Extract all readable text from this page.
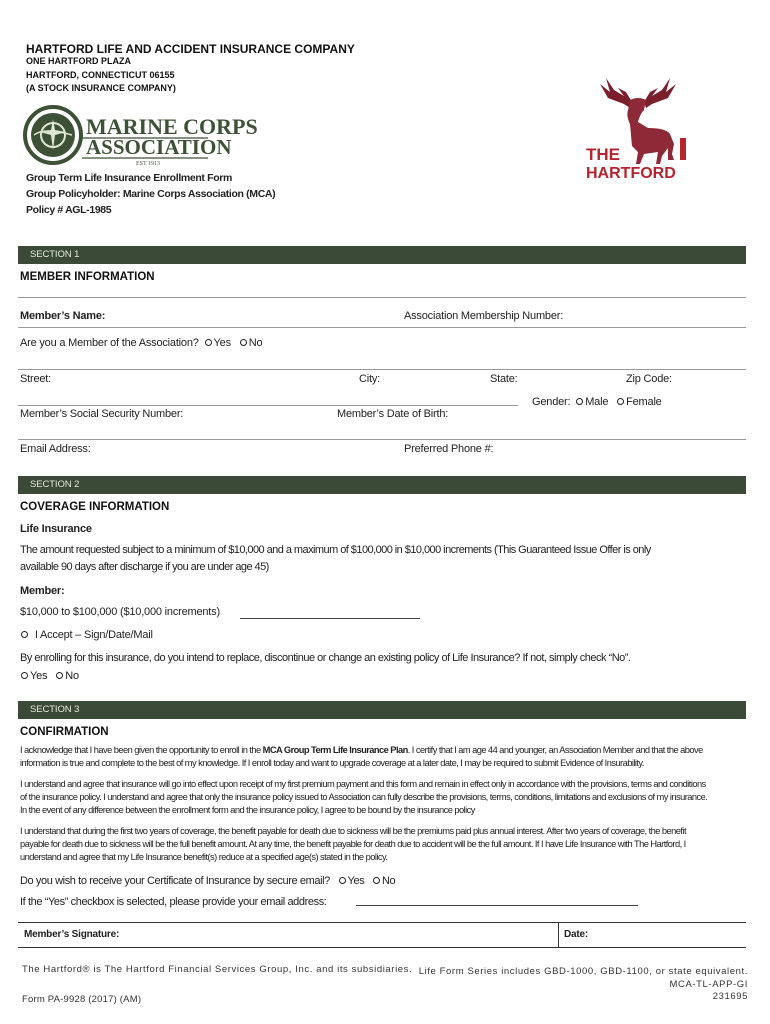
HARTFORD LIFE AND ACCIDENT INSURANCE COMPANY
ONE HARTFORD PLAZA
HARTFORD, CONNECTICUT 06155
(A STOCK INSURANCE COMPANY)
MARINE CORPS
ASSOCIATION
EST 1913	THE
HARTFORD
Group Term Life Insurance Enrollment Form
Group Policyholder: Marine Corps Association (MCA)
Policy # AGL-1985
SECTION 1
MEMBER INFORMATION
Member’s Name:	Association Membership Number:
Are you a Member of the Association? Yes No
Street:	City:	State:	Zip Code:
Gender: Male Female
Member’s Social Security Number:	Member’s Date of Birth:
Email Address:	Preferred Phone #:
SECTION 2
COVERAGE INFORMATION
Life Insurance
The amount requested subject to a minimum of $10,000 and a maximum of $100,000 in $10,000 increments (This Guaranteed Issue Offer is only
available 90 days after discharge if you are under age 45)
Member:
$10,000 to $100,000 ($10,000 increments)
I Accept – Sign/Date/Mail
By enrolling for this insurance, do you intend to replace, discontinue or change an existing policy of Life Insurance? If not, simply check “No”.
Yes No
SECTION 3
CONFIRMATION
I acknowledge that I have been given the opportunity to enroll in the MCA Group Term Life Insurance Plan. I certify that I am age 44 and younger, an Association Member and that the above
information is true and complete to the best of my knowledge. If I enroll today and want to upgrade coverage at a later date, I may be required to submit Evidence of Insurability.
I understand and agree that insurance will go into effect upon receipt of my first premium payment and this form and remain in effect only in accordance with the provisions, terms and conditions
of the insurance policy. I understand and agree that only the insurance policy issued to Association can fully describe the provisions, terms, conditions, limitations and exclusions of my insurance.
In the event of any difference between the enrollment form and the insurance policy, I agree to be bound by the insurance policy
I understand that during the first two years of coverage, the benefit payable for death due to sickness will be the premiums paid plus annual interest. After two years of coverage, the benefit
payable for death due to sickness will be the full benefit amount. At any time, the benefit payable for death due to accident will be the full amount. If I have Life Insurance with The Hartford, I
understand and agree that my Life Insurance benefit(s) reduce at a specified age(s) stated in the policy.
Do you wish to receive your Certificate of Insurance by secure email? Yes No
If the “Yes” checkbox is selected, please provide your email address:
Member’s Signature:	Date:
The Hartford® is The Hartford Financial Services Group, Inc. and its subsidiaries. Life Form Series includes GBD-1000, GBD-1100, or state equivalent.
MCA-TL-APP-GI
231695
Form PA-9928 (2017) (AM)
